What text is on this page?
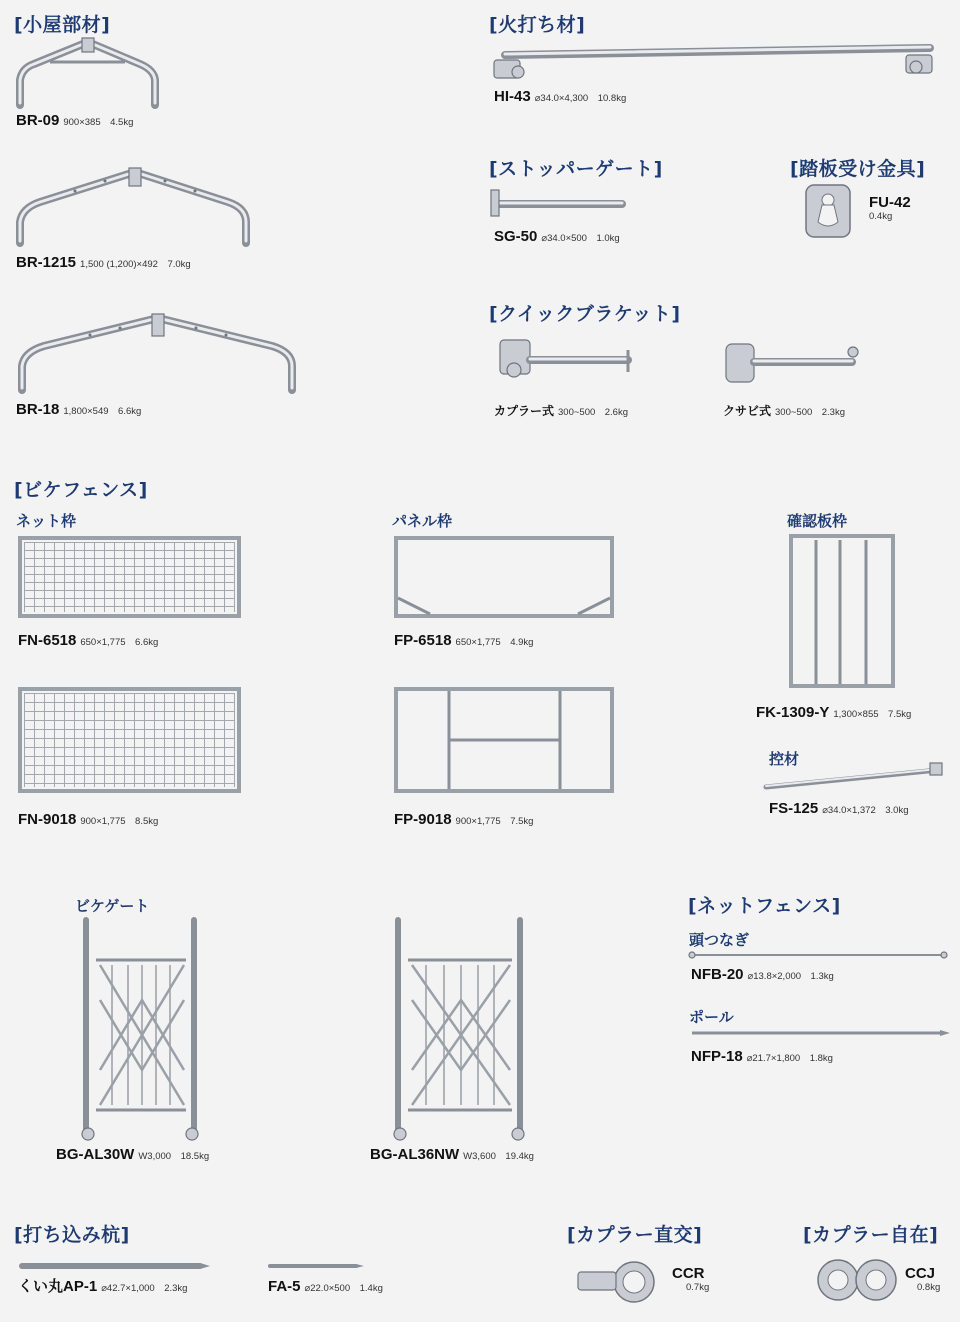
[小屋部材]	[火打ち材]
[ストッパーゲート]	[踏板受け金具]
[クイックブラケット]
[ビケフェンス]
[ネットフェンス]
[打ち込み杭]	[カプラー直交]	[カプラー自在]
ネット枠	パネル枠	確認板枠
控材
ビケゲート
頭つなぎ
ポール
BR-09 900×385　4.5kg
BR-1215 1,500 (1,200)×492　7.0kg
BR-18 1,800×549　6.6kg
HI-43 ⌀34.0×4,300　10.8kg
SG-50 ⌀34.0×500　1.0kg
FU-42
0.4kg
カプラー式 300~500　2.6kg	クサビ式 300~500　2.3kg
FN-6518 650×1,775　6.6kg
FN-9018 900×1,775　8.5kg
FP-6518 650×1,775　4.9kg
FP-9018 900×1,775　7.5kg
FK-1309-Y 1,300×855　7.5kg
FS-125 ⌀34.0×1,372　3.0kg
BG-AL30W W3,000　18.5kg	BG-AL36NW W3,600　19.4kg
NFB-20 ⌀13.8×2,000　1.3kg
NFP-18 ⌀21.7×1,800　1.8kg
くい丸AP-1 ⌀42.7×1,000　2.3kg	FA-5 ⌀22.0×500　1.4kg
CCR
0.7kg
CCJ
0.8kg
